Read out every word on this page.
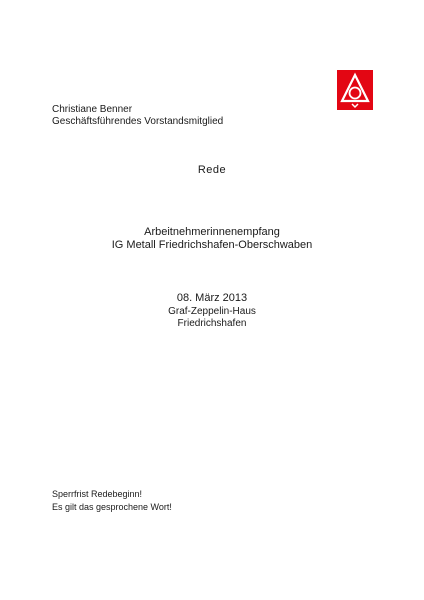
Christiane Benner
Geschäftsführendes Vorstandsmitglied
Rede
Arbeitnehmerinnenempfang
IG Metall Friedrichshafen-Oberschwaben
08. März 2013
Graf-Zeppelin-Haus
Friedrichshafen
Sperrfrist Redebeginn!
Es gilt das gesprochene Wort!
